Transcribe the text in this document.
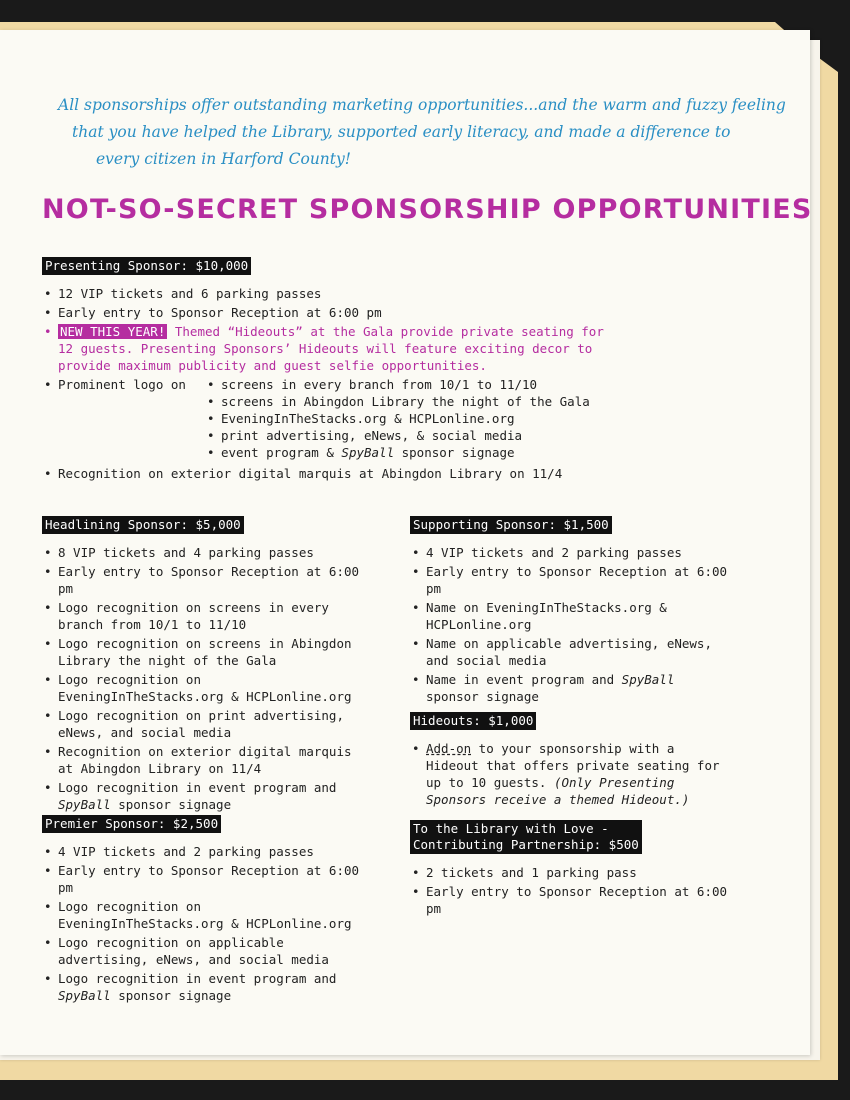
All sponsorships offer outstanding marketing opportunities...and the warm and fuzzy feeling
that you have helped the Library, supported early literacy, and made a difference to
every citizen in Harford County!
NOT-SO-SECRET SPONSORSHIP OPPORTUNITIES
Presenting Sponsor: $10,000
• 12 VIP tickets and 6 parking passes
• Early entry to Sponsor Reception at 6:00 pm
• NEW THIS YEAR! Themed “Hideouts” at the Gala provide private seating for
12 guests. Presenting Sponsors’ Hideouts will feature exciting decor to
provide maximum publicity and guest selfie opportunities.
• Prominent logo on
•	screens in every branch from 10/1 to 11/10
• screens in Abingdon Library the night of the Gala
• EveningInTheStacks.org & HCPLonline.org
• print advertising, eNews, & social media
• event program & SpyBall sponsor signage
• Recognition on exterior digital marquis at Abingdon Library on 11/4
Headlining Sponsor: $5,000
• 8 VIP tickets and 4 parking passes
• Early entry to Sponsor Reception at 6:00 pm
• Logo recognition on screens in every branch from 10/1 to 11/10
• Logo recognition on screens in Abingdon Library the night of the Gala
• Logo recognition on EveningInTheStacks.org & HCPLonline.org
• Logo recognition on print advertising, eNews, and social media
• Recognition on exterior digital marquis at Abingdon Library on 11/4
• Logo recognition in event program and
SpyBall sponsor signage
Premier Sponsor: $2,500
• 4 VIP tickets and 2 parking passes
• Early entry to Sponsor Reception at 6:00 pm
• Logo recognition on EveningInTheStacks.org & HCPLonline.org
• Logo recognition on applicable advertising, eNews, and social media
• Logo recognition in event program and
SpyBall sponsor signage
Supporting Sponsor: $1,500
• 4 VIP tickets and 2 parking passes
• Early entry to Sponsor Reception at 6:00 pm
• Name on EveningInTheStacks.org & HCPLonline.org
• Name on applicable advertising, eNews, and social media
• Name in event program and SpyBall
sponsor signage
Hideouts: $1,000
• Add-on to your sponsorship with a Hideout that offers private seating for up to 10 guests. (Only Presenting Sponsors receive a themed Hideout.)
To the Library with Love -
Contributing Partnership: $500
• 2 tickets and 1 parking pass
• Early entry to Sponsor Reception at 6:00 pm
